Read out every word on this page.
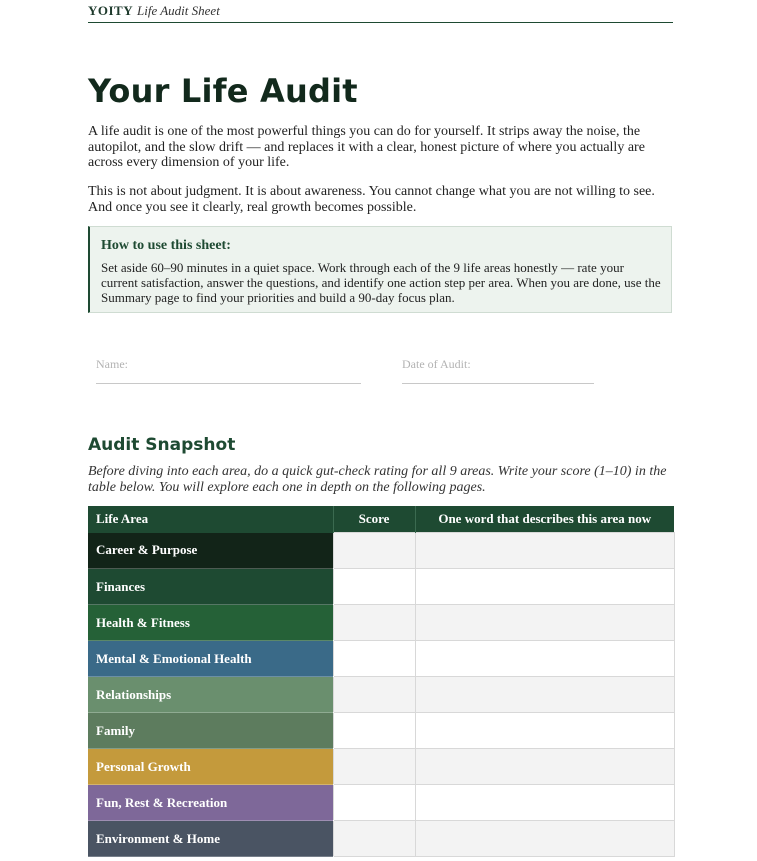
YOITY Life Audit Sheet
Your Life Audit

A life audit is one of the most powerful things you can do for yourself. It strips away the noise, the autopilot, and the slow drift — and replaces it with a clear, honest picture of where you actually are across every dimension of your life.

This is not about judgment. It is about awareness. You cannot change what you are not willing to see. And once you see it clearly, real growth becomes possible.

How to use this sheet:

Set aside 60–90 minutes in a quiet space. Work through each of the 9 life areas honestly — rate your current satisfaction, answer the questions, and identify one action step per area. When you are done, use the Summary page to find your priorities and build a 90-day focus plan.

Name:	Date of Audit:
Audit Snapshot

Before diving into each area, do a quick gut-check rating for all 9 areas. Write your score (1–10) in the table below. You will explore each one in depth on the following pages.

Life Area	Score	One word that describes this area now
Career & Purpose		
Finances		
Health & Fitness		
Mental & Emotional Health		
Relationships		
Family		
Personal Growth		
Fun, Rest & Recreation		
Environment & Home		
